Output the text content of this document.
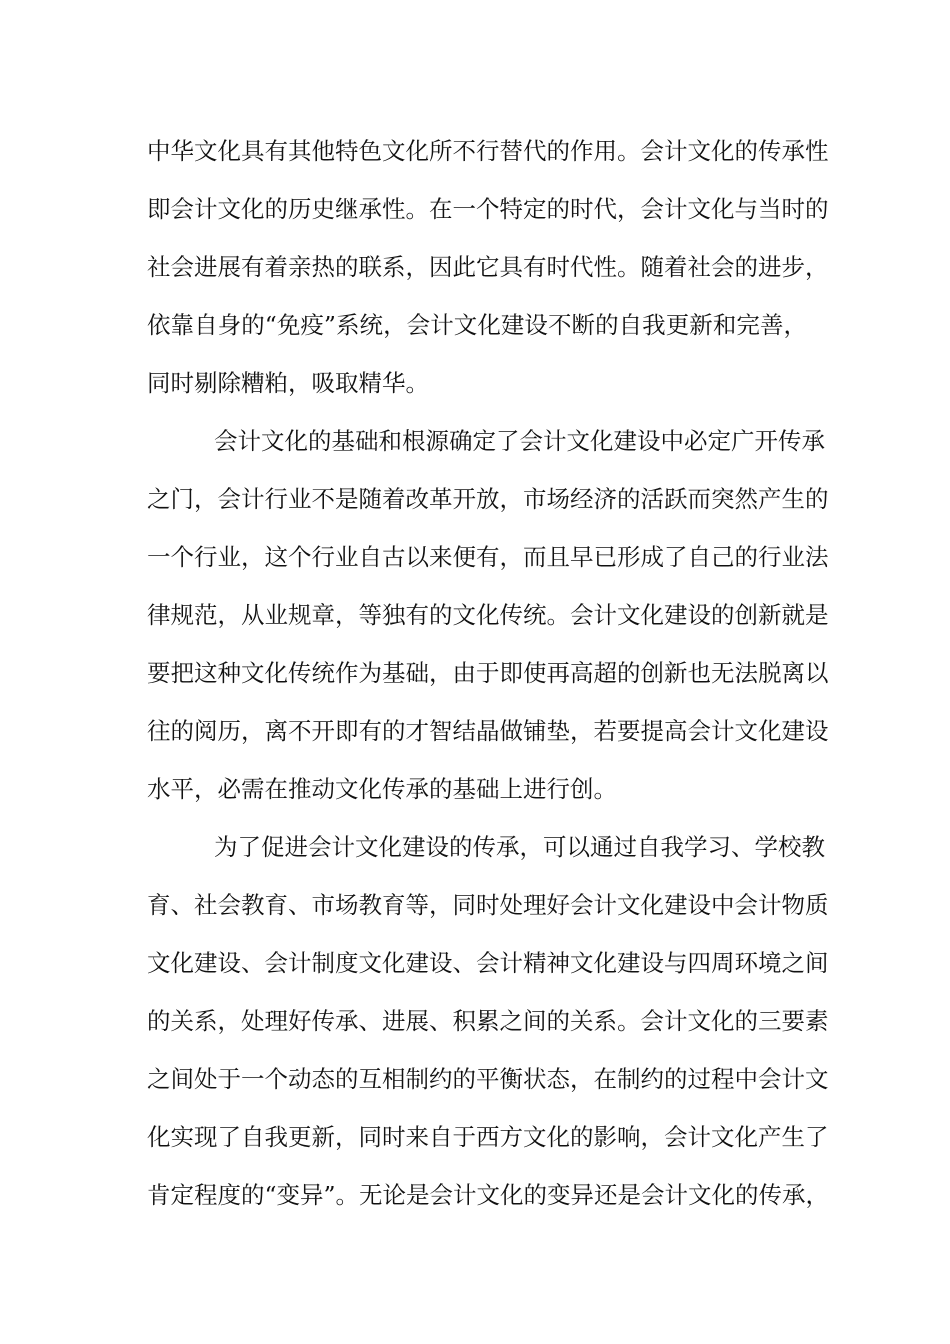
中华文化具有其他特色文化所不行替代的作用。会计文化的传承性
即会计文化的历史继承性。在一个特定的时代，会计文化与当时的
社会进展有着亲热的联系，因此它具有时代性。随着社会的进步，
依靠自身的“免疫”系统，会计文化建设不断的自我更新和完善，
同时剔除糟粕，吸取精华。
会计文化的基础和根源确定了会计文化建设中必定广开传承
之门，会计行业不是随着改革开放，市场经济的活跃而突然产生的
一个行业，这个行业自古以来便有，而且早已形成了自己的行业法
律规范，从业规章，等独有的文化传统。会计文化建设的创新就是
要把这种文化传统作为基础，由于即使再高超的创新也无法脱离以
往的阅历，离不开即有的才智结晶做铺垫，若要提高会计文化建设
水平，必需在推动文化传承的基础上进行创。
为了促进会计文化建设的传承，可以通过自我学习、学校教
育、社会教育、市场教育等，同时处理好会计文化建设中会计物质
文化建设、会计制度文化建设、会计精神文化建设与四周环境之间
的关系，处理好传承、进展、积累之间的关系。会计文化的三要素
之间处于一个动态的互相制约的平衡状态，在制约的过程中会计文
化实现了自我更新，同时来自于西方文化的影响，会计文化产生了
肯定程度的“变异”。无论是会计文化的变异还是会计文化的传承，
